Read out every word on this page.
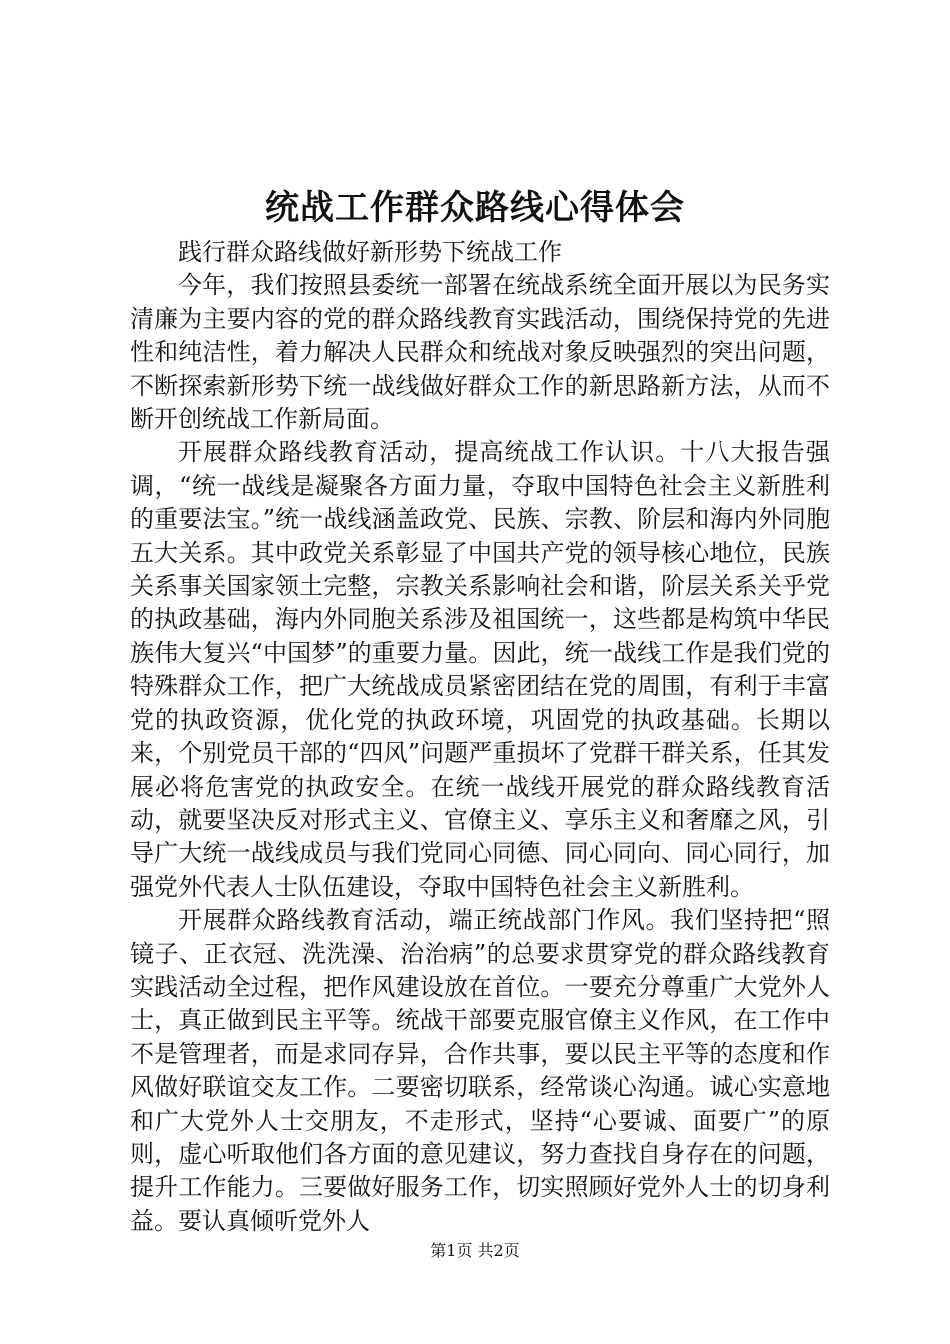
统战工作群众路线心得体会

践行群众路线做好新形势下统战工作

今年，我们按照县委统一部署在统战系统全面开展以为民务实清廉为主要内容的党的群众路线教育实践活动，围绕保持党的先进性和纯洁性，着力解决人民群众和统战对象反映强烈的突出问题，不断探索新形势下统一战线做好群众工作的新思路新方法，从而不断开创统战工作新局面。

开展群众路线教育活动，提高统战工作认识。十八大报告强调，“统一战线是凝聚各方面力量，夺取中国特色社会主义新胜利的重要法宝。”统一战线涵盖政党、民族、宗教、阶层和海内外同胞五大关系。其中政党关系彰显了中国共产党的领导核心地位，民族关系事关国家领土完整，宗教关系影响社会和谐，阶层关系关乎党的执政基础，海内外同胞关系涉及祖国统一，这些都是构筑中华民族伟大复兴“中国梦”的重要力量。因此，统一战线工作是我们党的特殊群众工作，把广大统战成员紧密团结在党的周围，有利于丰富党的执政资源，优化党的执政环境，巩固党的执政基础。长期以来，个别党员干部的“四风”问题严重损坏了党群干群关系，任其发展必将危害党的执政安全。在统一战线开展党的群众路线教育活动，就要坚决反对形式主义、官僚主义、享乐主义和奢靡之风，引导广大统一战线成员与我们党同心同德、同心同向、同心同行，加强党外代表人士队伍建设，夺取中国特色社会主义新胜利。

开展群众路线教育活动，端正统战部门作风。我们坚持把“照镜子、正衣冠、洗洗澡、治治病”的总要求贯穿党的群众路线教育实践活动全过程，把作风建设放在首位。一要充分尊重广大党外人士，真正做到民主平等。统战干部要克服官僚主义作风，在工作中不是管理者，而是求同存异，合作共事，要以民主平等的态度和作风做好联谊交友工作。二要密切联系，经常谈心沟通。诚心实意地和广大党外人士交朋友，不走形式，坚持“心要诚、面要广”的原则，虚心听取他们各方面的意见建议，努力查找自身存在的问题，提升工作能力。三要做好服务工作，切实照顾好党外人士的切身利益。要认真倾听党外人

第1页 共2页
